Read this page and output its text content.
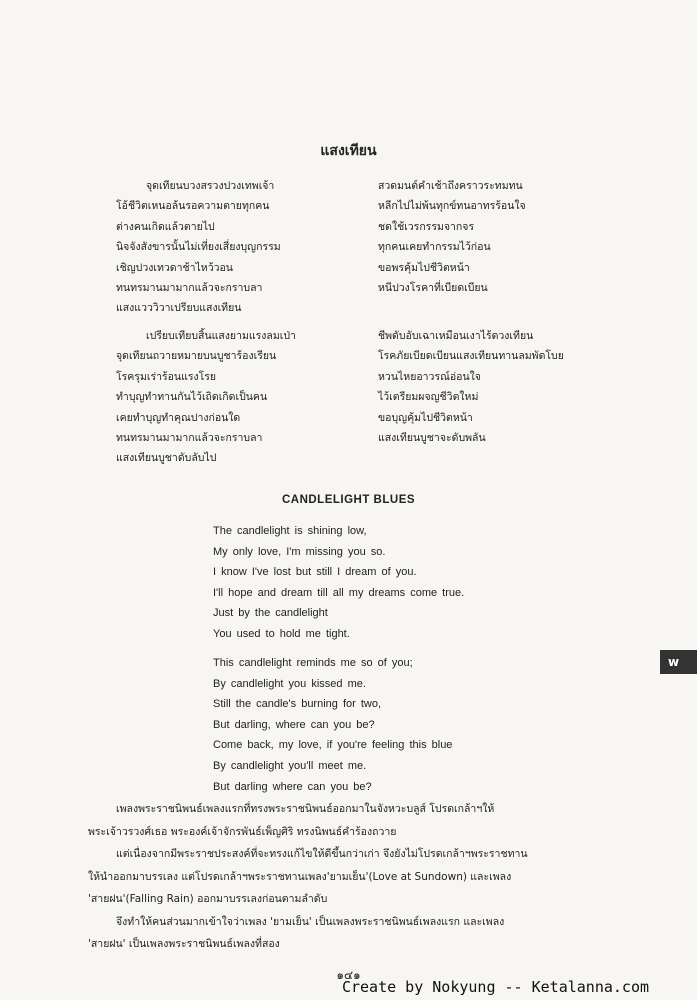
แสงเทียน
จุดเทียนบวงสรวงปวงเทพเจ้า
โอ้ชีวิตเหนอล้นรอความตายทุกคน
ต่างคนเกิดแล้วตายไป
นิจจังสังขารนั้นไม่เที่ยงเสี่ยงบุญกรรม
เชิญปวงเทวดาช้าไหว้วอน
ทนทรมานมามากแล้วจะกราบลา
แสงแวววิวาเปรียบแสงเทียน
สวดมนต์คำเช้าถึงคราวระทมทน
หลีกไปไม่พ้นทุกข์ทนอาทรร้อนใจ
ชดใช้เวรกรรมจากจร
ทุกคนเคยทำกรรมไว้ก่อน
ขอพรคุ้มไปชีวิตหน้า
หนีปวงโรคาที่เบียดเบียน
เปรียบเทียบสิ้นแสงยามแรงลมเป่า
จุดเทียนถวายหมายบนบูชาร้องเรียน
โรครุมเร่าร้อนแรงโรย
ทำบุญทำทานกันไว้เถิดเกิดเป็นคน
เคยทำบุญทำคุณปางก่อนใด
ทนทรมานมามากแล้วจะกราบลา
แสงเทียนบูชาดับลับไป
ชีพดับอับเฉาเหมือนเงาไร้ดวงเทียน
โรคภัยเบียดเบียนแสงเทียนทานลมพัดโบย
หวนไหยอาวรณ์อ่อนใจ
ไว้เตรียมผจญชีวิตใหม่
ขอบุญคุ้มไปชีวิตหน้า
แสงเทียนบูชาจะดับพลัน
CANDLELIGHT BLUES
The candlelight is shining low,
My only love, I'm missing you so.
I know I've lost but still I dream of you.
I'll hope and dream till all my dreams come true.
Just by the candlelight
You used to hold me tight.
This candlelight reminds me so of you;
By candlelight you kissed me.
Still the candle's burning for two,
But darling, where can you be?
Come back, my love, if you're feeling this blue
By candlelight you'll meet me.
But darling where can you be?
เพลงพระราชนิพนธ์เพลงแรกที่ทรงพระราชนิพนธ์ออกมาในจังหวะบลูส์ โปรดเกล้าฯให้
พระเจ้าวรวงศ์เธอ พระองค์เจ้าจักรพันธ์เพ็ญศิริ ทรงนิพนธ์คำร้องถวาย
แต่เนื่องจากมีพระราชประสงค์ที่จะทรงแก้ไขให้ดีขึ้นกว่าเก่า จึงยังไม่โปรดเกล้าฯพระราชทาน
ให้นำออกมาบรรเลง แต่โปรดเกล้าฯพระราชทานเพลง'ยามเย็น'(Love at Sundown) และเพลง
'สายฝน'(Falling Rain) ออกมาบรรเลงก่อนตามลำดับ
จึงทำให้คนส่วนมากเข้าใจว่าเพลง 'ยามเย็น' เป็นเพลงพระราชนิพนธ์เพลงแรก และเพลง
'สายฝน' เป็นเพลงพระราชนิพนธ์เพลงที่สอง
w
๑๔๑
Create by Nokyung -- Ketalanna.com
